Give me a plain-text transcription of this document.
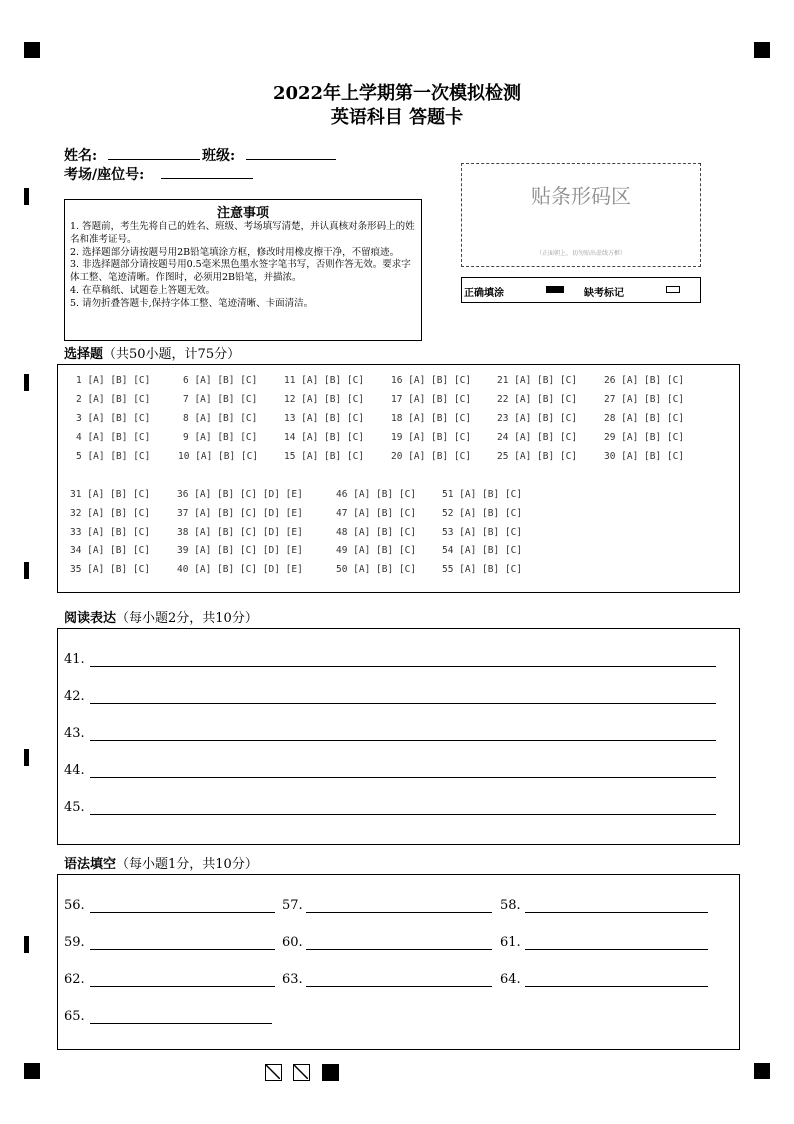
2022年上学期第一次模拟检测
英语科目 答题卡
姓名:	班级:
考场/座位号:
注意事项
1. 答题前，考生先将自己的姓名、班级、考场填写清楚，并认真核对条形码上的姓名和准考证号。
2. 选择题部分请按题号用2B铅笔填涂方框，修改时用橡皮擦干净，不留痕迹。
3. 非选择题部分请按题号用0.5毫米黑色墨水签字笔书写，否则作答无效。要求字体工整、笔迹清晰。作图时，必须用2B铅笔，并描浓。
4. 在草稿纸、试题卷上答题无效。
5. 请勿折叠答题卡,保持字体工整、笔迹清晰、卡面清洁。
贴条形码区
（正面朝上，切勿贴出虚线方框）
正确填涂	缺考标记
选择题（共50小题，计75分）
1 [A] [B] [C]	6 [A] [B] [C]	11 [A] [B] [C]	16 [A] [B] [C]	21 [A] [B] [C]	26 [A] [B] [C]
2 [A] [B] [C]	7 [A] [B] [C]	12 [A] [B] [C]	17 [A] [B] [C]	22 [A] [B] [C]	27 [A] [B] [C]
3 [A] [B] [C]	8 [A] [B] [C]	13 [A] [B] [C]	18 [A] [B] [C]	23 [A] [B] [C]	28 [A] [B] [C]
4 [A] [B] [C]	9 [A] [B] [C]	14 [A] [B] [C]	19 [A] [B] [C]	24 [A] [B] [C]	29 [A] [B] [C]
5 [A] [B] [C]	10 [A] [B] [C]	15 [A] [B] [C]	20 [A] [B] [C]	25 [A] [B] [C]	30 [A] [B] [C]
31 [A] [B] [C]	36 [A] [B] [C] [D] [E]	46 [A] [B] [C]	51 [A] [B] [C]
32 [A] [B] [C]	37 [A] [B] [C] [D] [E]	47 [A] [B] [C]	52 [A] [B] [C]
33 [A] [B] [C]	38 [A] [B] [C] [D] [E]	48 [A] [B] [C]	53 [A] [B] [C]
34 [A] [B] [C]	39 [A] [B] [C] [D] [E]	49 [A] [B] [C]	54 [A] [B] [C]
35 [A] [B] [C]	40 [A] [B] [C] [D] [E]	50 [A] [B] [C]	55 [A] [B] [C]
阅读表达（每小题2分，共10分）
41.
42.
43.
44.
45.
语法填空（每小题1分，共10分）
56.	57.	58.
59.	60.	61.
62.	63.	64.
65.
